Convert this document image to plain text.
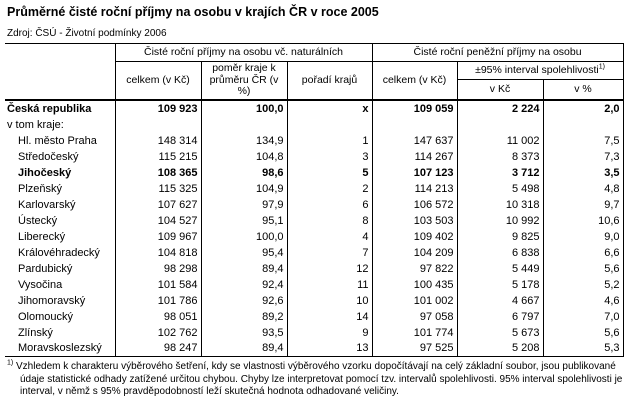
Průměrné čisté roční příjmy na osobu v krajích ČR v roce 2005
Zdroj: ČSÚ - Životní podmínky 2006
	Čisté roční příjmy na osobu vč. naturálních			Čisté roční peněžní příjmy na osobu		
	celkem (v Kč)	poměr kraje k průměru ČR (v %)	pořadí krajů	celkem (v Kč)	±95% interval spolehlivosti$^{1)}$
					v Kč	v %
Česká republika	109 923	100,0	x	109 059	2 224	2,0
v tom kraje:						
Hl. město Praha	148 314	134,9	1	147 637	11 002	7,5
Středočeský	115 215	104,8	3	114 267	8 373	7,3
Jihočeský	108 365	98,6	5	107 123	3 712	3,5
Plzeňský	115 325	104,9	2	114 213	5 498	4,8
Karlovarský	107 627	97,9	6	106 572	10 318	9,7
Ústecký	104 527	95,1	8	103 503	10 992	10,6
Liberecký	109 967	100,0	4	109 402	9 825	9,0
Královéhradecký	104 818	95,4	7	104 209	6 838	6,6
Pardubický	98 298	89,4	12	97 822	5 449	5,6
Vysočina	101 584	92,4	11	100 435	5 178	5,2
Jihomoravský	101 786	92,6	10	101 002	4 667	4,6
Olomoucký	98 051	89,2	14	97 058	6 797	7,0
Zlínský	102 762	93,5	9	101 774	5 673	5,6
Moravskoslezský	98 247	89,4	13	97 525	5 208	5,3
$^{1)}$ Vzhledem k charakteru výběrového šetření, kdy se vlastnosti výběrového vzorku dopočítávají na celý základní soubor, jsou publikované údaje statistické odhady zatížené určitou chybou. Chyby lze interpretovat pomocí tzv. intervalů spolehlivosti. 95% interval spolehlivosti je interval, v němž s 95% pravděpodobností leží skutečná hodnota odhadované veličiny.
